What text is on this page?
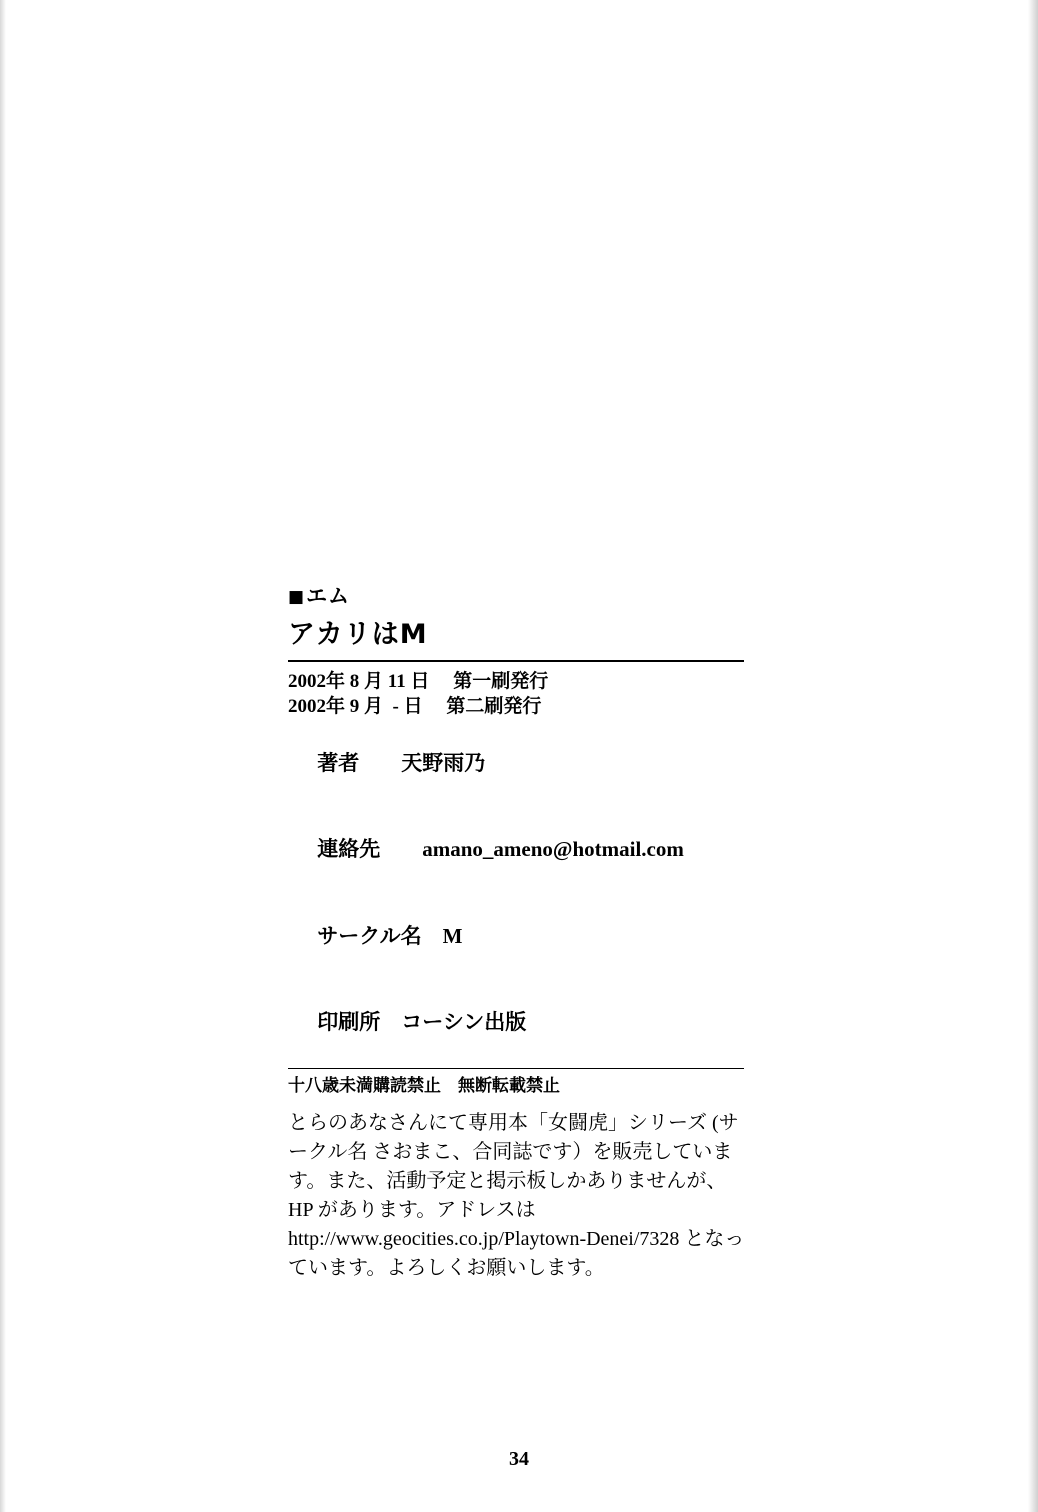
■エム
アカリはM
2002年 8 月 11 日　 第一刷発行
2002年 9 月  - 日　 第二刷発行

著者　　 天野雨乃

連絡先　　 amano_ameno@hotmail.com

サークル名　 M

印刷所　 コーシン出版

十八歳未満購読禁止　無断転載禁止
とらのあなさんにて専用本「女闘虎」シリーズ (サークル名 さおまこ、合同誌です）を販売しています。また、活動予定と掲示板しかありませんが、HP があります。アドレスは　http://www.geocities.co.jp/Playtown-Denei/7328 となっています。よろしくお願いします。
34
